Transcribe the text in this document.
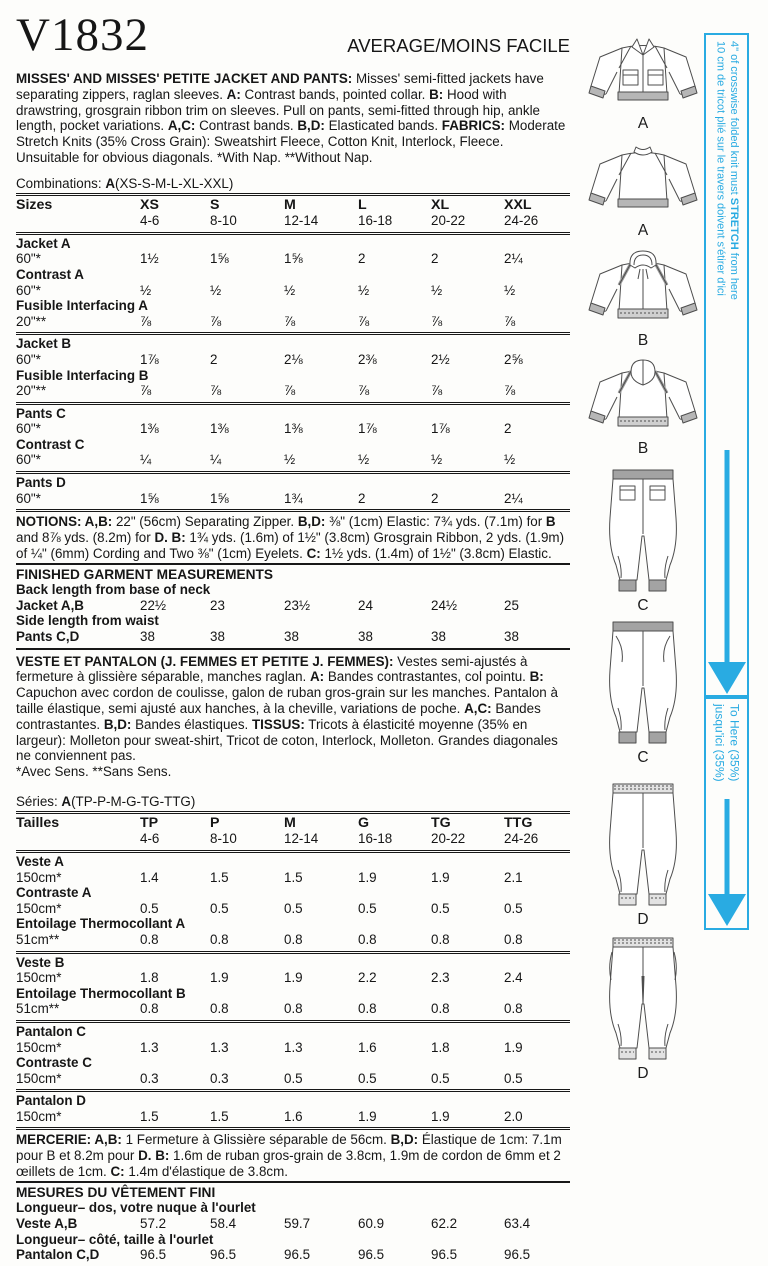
V1832	AVERAGE/MOINS FACILE
MISSES' AND MISSES' PETITE JACKET AND PANTS: Misses' semi-fitted jackets have separating zippers, raglan sleeves. A: Contrast bands, pointed collar. B: Hood with drawstring, grosgrain ribbon trim on sleeves. Pull on pants, semi-fitted through hip, ankle length, pocket variations. A,C: Contrast bands. B,D: Elasticated bands. FABRICS: Moderate Stretch Knits (35% Cross Grain): Sweatshirt Fleece, Cotton Knit, Interlock, Fleece. Unsuitable for obvious diagonals. *With Nap. **Without Nap.
Combinations: A(XS-S-M-L-XL-XXL)
Sizes	XS	S	M	L	XL	XXL
4-6	8-10	12-14	16-18	20-22	24-26
Jacket A
60"*	1½	1⅝	1⅝	2	2	2¼
Contrast A
60"*	½	½	½	½	½	½
Fusible Interfacing A
20"**	⅞	⅞	⅞	⅞	⅞	⅞
Jacket B
60"*	1⅞	2	2⅛	2⅜	2½	2⅝
Fusible Interfacing B
20"**	⅞	⅞	⅞	⅞	⅞	⅞
Pants C
60"*	1⅜	1⅜	1⅜	1⅞	1⅞	2
Contrast C
60"*	¼	¼	½	½	½	½
Pants D
60"*	1⅝	1⅝	1¾	2	2	2¼
NOTIONS: A,B: 22" (56cm) Separating Zipper. B,D: ⅜" (1cm) Elastic: 7¾ yds. (7.1m) for B and 8⅞ yds. (8.2m) for D. B: 1¾ yds. (1.6m) of 1½" (3.8cm) Grosgrain Ribbon, 2 yds. (1.9m) of ¼" (6mm) Cording and Two ⅜" (1cm) Eyelets. C: 1½ yds. (1.4m) of 1½" (3.8cm) Elastic.
FINISHED GARMENT MEASUREMENTS
Back length from base of neck
Jacket A,B	22½	23	23½	24	24½	25
Side length from waist
Pants C,D	38	38	38	38	38	38
VESTE ET PANTALON (J. FEMMES ET PETITE J. FEMMES): Vestes semi-ajustés à fermeture à glissière séparable, manches raglan. A: Bandes contrastantes, col pointu. B: Capuchon avec cordon de coulisse, galon de ruban gros-grain sur les manches. Pantalon à taille élastique, semi ajusté aux hanches, à la cheville, variations de poche. A,C: Bandes contrastantes. B,D: Bandes élastiques. TISSUS: Tricots à élasticité moyenne (35% en largeur): Molleton pour sweat-shirt, Tricot de coton, Interlock, Molleton. Grandes diagonales ne conviennent pas.
*Avec Sens. **Sans Sens.
Séries: A(TP-P-M-G-TG-TTG)
Tailles	TP	P	M	G	TG	TTG
4-6	8-10	12-14	16-18	20-22	24-26
Veste A
150cm*	1.4	1.5	1.5	1.9	1.9	2.1
Contraste A
150cm*	0.5	0.5	0.5	0.5	0.5	0.5
Entoilage Thermocollant A
51cm**	0.8	0.8	0.8	0.8	0.8	0.8
Veste B
150cm*	1.8	1.9	1.9	2.2	2.3	2.4
Entoilage Thermocollant B
51cm**	0.8	0.8	0.8	0.8	0.8	0.8
Pantalon C
150cm*	1.3	1.3	1.3	1.6	1.8	1.9
Contraste C
150cm*	0.3	0.3	0.5	0.5	0.5	0.5
Pantalon D
150cm*	1.5	1.5	1.6	1.9	1.9	2.0
MERCERIE: A,B: 1 Fermeture à Glissière séparable de 56cm. B,D: Élastique de 1cm: 7.1m pour B et 8.2m pour D. B: 1.6m de ruban gros-grain de 3.8cm, 1.9m de cordon de 6mm et 2 œillets de 1cm. C: 1.4m d'élastique de 3.8cm.
MESURES DU VÊTEMENT FINI
Longueur– dos, votre nuque à l'ourlet
Veste A,B	57.2	58.4	59.7	60.9	62.2	63.4
Longueur– côté, taille à l'ourlet
Pantalon C,D	96.5	96.5	96.5	96.5	96.5	96.5
A
A
B
B
C
C
D
D
4" of crosswise folded knit must STRETCH from here
10 cm de tricot plié sur le travers doivent s'étirer d'ici
To Here (35%)
jusqu'ici (35%)
